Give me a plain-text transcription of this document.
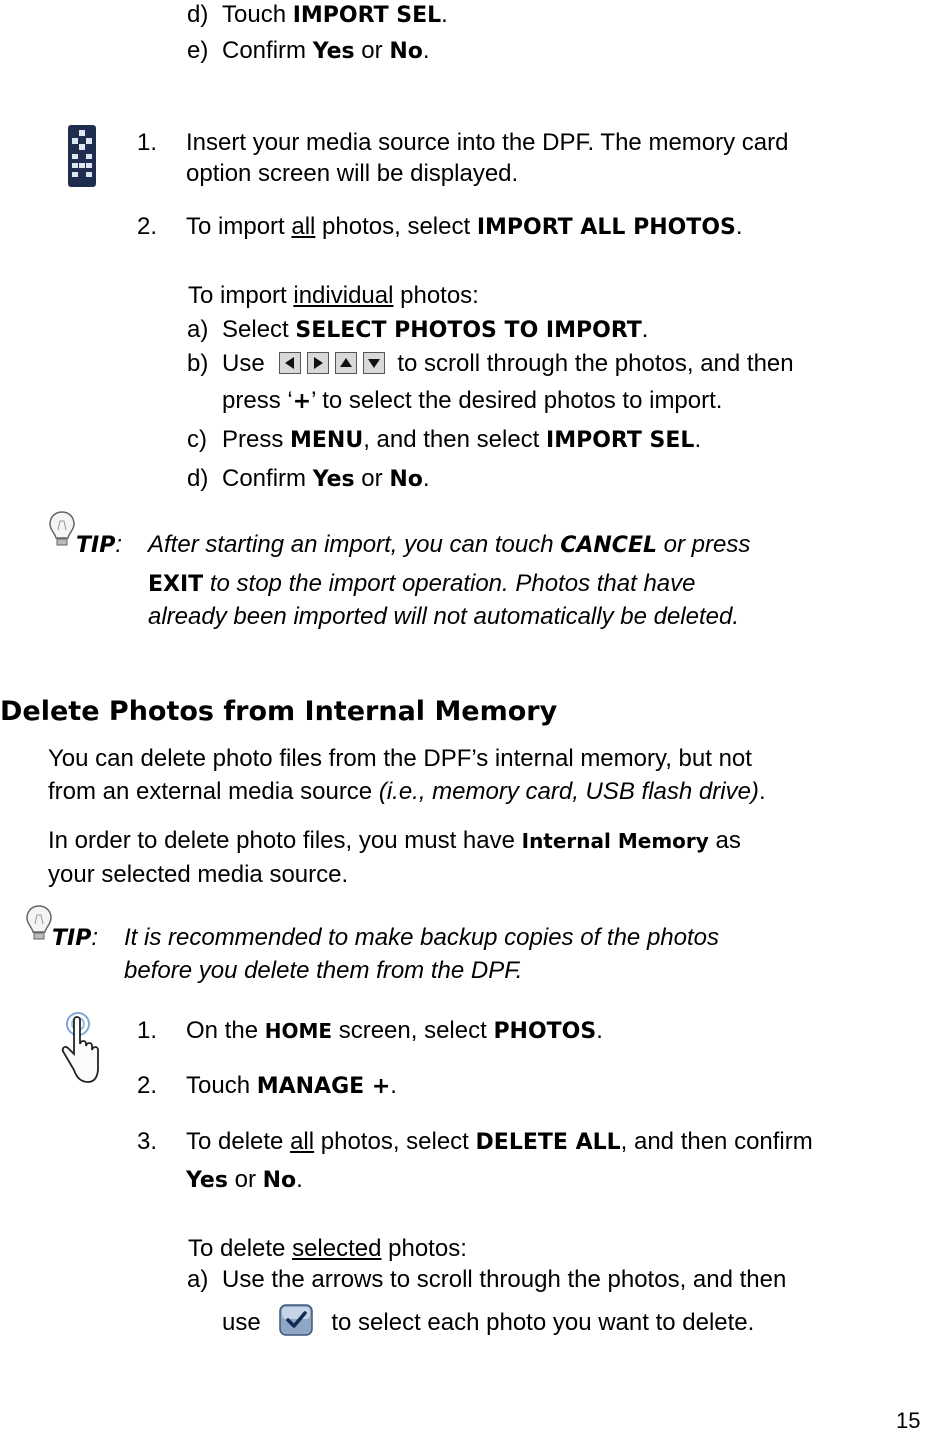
d) Touch IMPORT SEL.
e) Confirm Yes or No.
1. Insert your media source into the DPF. The memory card
option screen will be displayed.
2. To import all photos, select IMPORT ALL PHOTOS.
To import individual photos:
a) Select SELECT PHOTOS TO IMPORT.
b) Use	to scroll through the photos, and then
press ‘+’ to select the desired photos to import.
c) Press MENU, and then select IMPORT SEL.
d) Confirm Yes or No.
TIP: After starting an import, you can touch CANCEL or press
EXIT to stop the import operation. Photos that have
already been imported will not automatically be deleted.
Delete Photos from Internal Memory
You can delete photo files from the DPF’s internal memory, but not
from an external media source (i.e., memory card, USB flash drive).
In order to delete photo files, you must have Internal Memory as
your selected media source.
TIP: It is recommended to make backup copies of the photos
before you delete them from the DPF.
1. On the HOME screen, select PHOTOS.
2. Touch MANAGE +.
3. To delete all photos, select DELETE ALL, and then confirm
Yes or No.
To delete selected photos:
a) Use the arrows to scroll through the photos, and then
use	to select each photo you want to delete.
15
